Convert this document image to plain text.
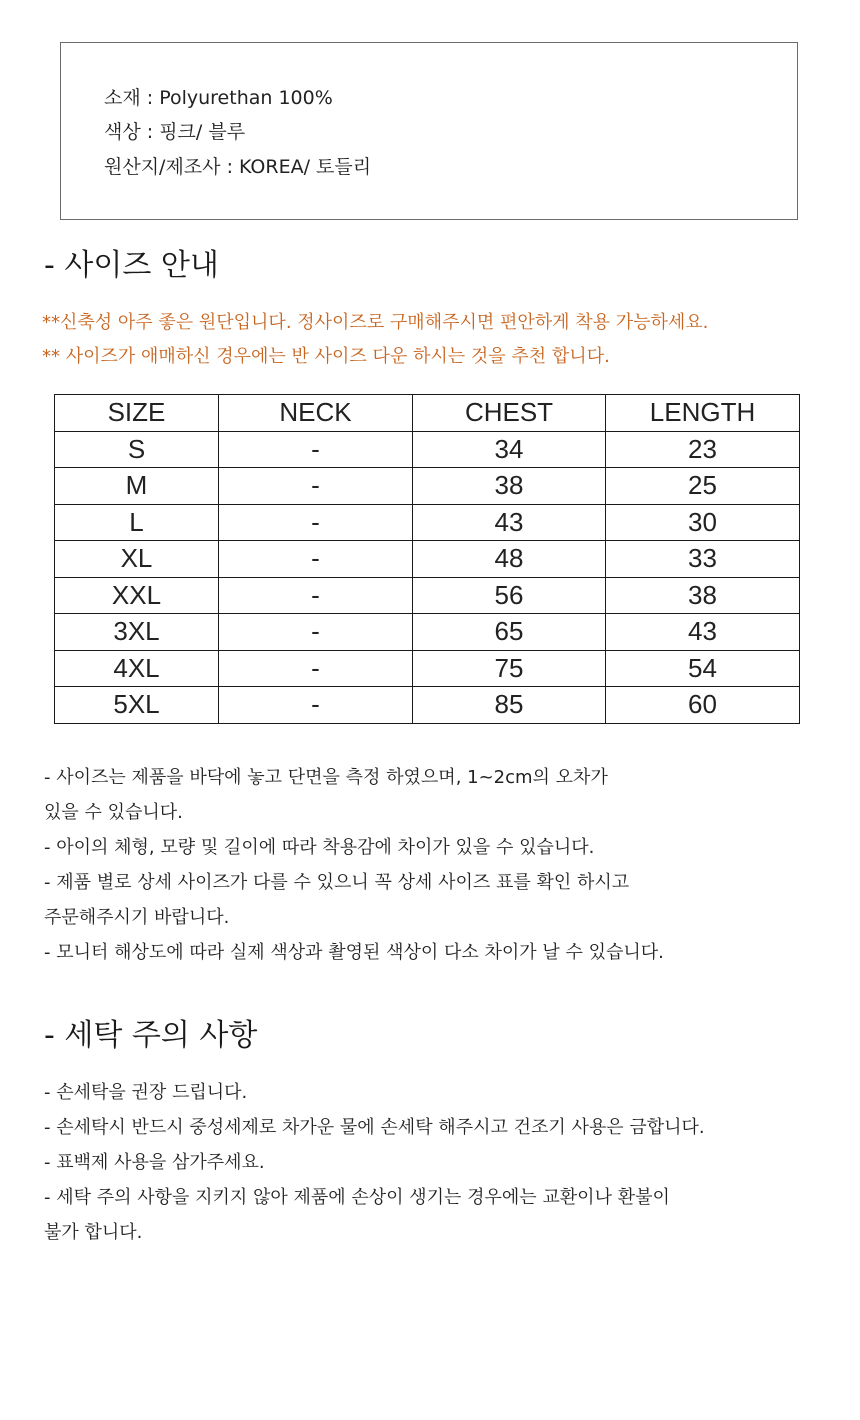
소재 : Polyurethan 100%
색상 : 핑크/ 블루
원산지/제조사 : KOREA/ 토들리
- 사이즈 안내
**신축성 아주 좋은 원단입니다. 정사이즈로 구매해주시면 편안하게 착용 가능하세요.
** 사이즈가 애매하신 경우에는 반 사이즈 다운 하시는 것을 추천 합니다.
SIZE	NECK	CHEST	LENGTH
S	-	34	23
M	-	38	25
L	-	43	30
XL	-	48	33
XXL	-	56	38
3XL	-	65	43
4XL	-	75	54
5XL	-	85	60
- 사이즈는 제품을 바닥에 놓고 단면을 측정 하였으며, 1~2cm의 오차가
있을 수 있습니다.
- 아이의 체형, 모량 및 길이에 따라 착용감에 차이가 있을 수 있습니다.
- 제품 별로 상세 사이즈가 다를 수 있으니 꼭 상세 사이즈 표를 확인 하시고
주문해주시기 바랍니다.
- 모니터 해상도에 따라 실제 색상과 촬영된 색상이 다소 차이가 날 수 있습니다.
- 세탁 주의 사항
- 손세탁을 권장 드립니다.
- 손세탁시 반드시 중성세제로 차가운 물에 손세탁 해주시고 건조기 사용은 금합니다.
- 표백제 사용을 삼가주세요.
- 세탁 주의 사항을 지키지 않아 제품에 손상이 생기는 경우에는 교환이나 환불이
불가 합니다.
